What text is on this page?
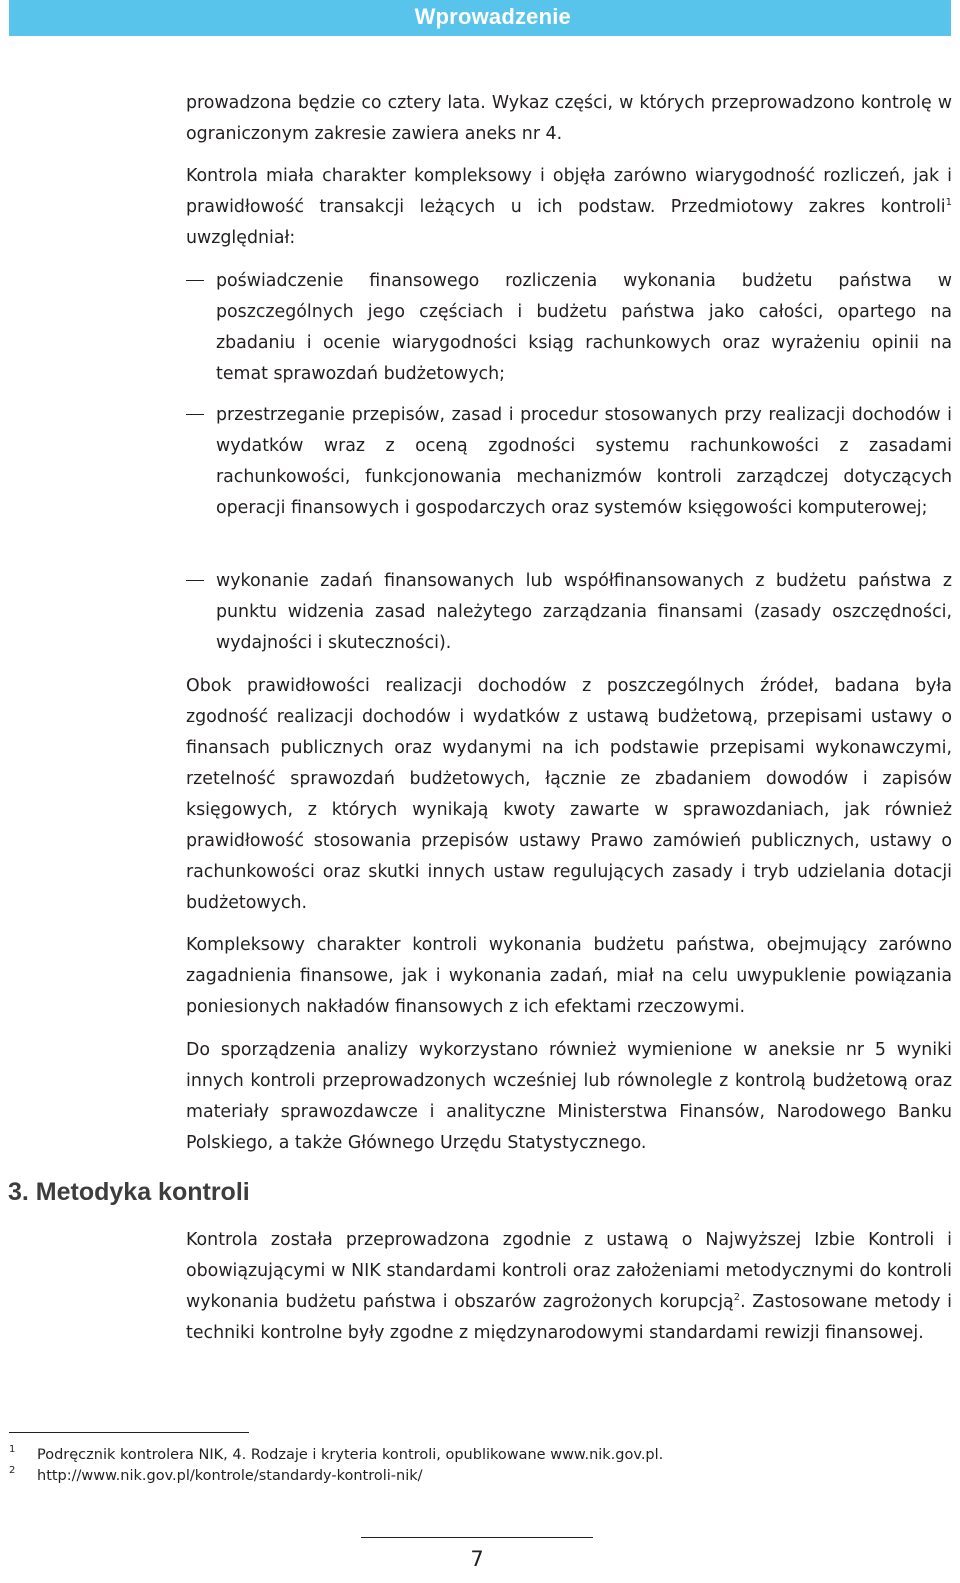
Wprowadzenie

prowadzona będzie co cztery lata. Wykaz części, w których przeprowadzono kontrolę w ograniczonym zakresie zawiera aneks nr 4.

Kontrola miała charakter kompleksowy i objęła zarówno wiarygodność rozliczeń, jak i prawidłowość transakcji leżących u ich podstaw. Przedmiotowy zakres kontroli$^1$ uwzględniał:

poświadczenie finansowego rozliczenia wykonania budżetu państwa w poszczególnych jego częściach i budżetu państwa jako całości, opartego na zbadaniu i ocenie wiarygodności ksiąg rachunkowych oraz wyrażeniu opinii na temat sprawozdań budżetowych;

przestrzeganie przepisów, zasad i procedur stosowanych przy realizacji dochodów i wydatków wraz z oceną zgodności systemu rachunkowości z zasadami rachunkowości, funkcjonowania mechanizmów kontroli zarządczej dotyczących operacji finansowych i gospodarczych oraz systemów księgowości komputerowej;

wykonanie zadań finansowanych lub współfinansowanych z budżetu państwa z punktu widzenia zasad należytego zarządzania finansami (zasady oszczędności, wydajności i skuteczności).

Obok prawidłowości realizacji dochodów z poszczególnych źródeł, badana była zgodność realizacji dochodów i wydatków z ustawą budżetową, przepisami ustawy o finansach publicznych oraz wydanymi na ich podstawie przepisami wykonawczymi, rzetelność sprawozdań budżetowych, łącznie ze zbadaniem dowodów i zapisów księgowych, z których wynikają kwoty zawarte w sprawozdaniach, jak również prawidłowość stosowania przepisów ustawy Prawo zamówień publicznych, ustawy o rachunkowości oraz skutki innych ustaw regulujących zasady i tryb udzielania dotacji budżetowych.

Kompleksowy charakter kontroli wykonania budżetu państwa, obejmujący zarówno zagadnienia finansowe, jak i wykonania zadań, miał na celu uwypuklenie powiązania poniesionych nakładów finansowych z ich efektami rzeczowymi.

Do sporządzenia analizy wykorzystano również wymienione w aneksie nr 5 wyniki innych kontroli przeprowadzonych wcześniej lub równolegle z kontrolą budżetową oraz materiały sprawozdawcze i analityczne Ministerstwa Finansów, Narodowego Banku Polskiego, a także Głównego Urzędu Statystycznego.

3. Metodyka kontroli

Kontrola została przeprowadzona zgodnie z ustawą o Najwyższej Izbie Kontroli i obowiązującymi w NIK standardami kontroli oraz założeniami metodycznymi do kontroli wykonania budżetu państwa i obszarów zagrożonych korupcją$^2$. Zastosowane metody i techniki kontrolne były zgodne z międzynarodowymi standardami rewizji finansowej.

1 Podręcznik kontrolera NIK, 4. Rodzaje i kryteria kontroli, opublikowane www.nik.gov.pl.
2 http://www.nik.gov.pl/kontrole/standardy-kontroli-nik/
7
